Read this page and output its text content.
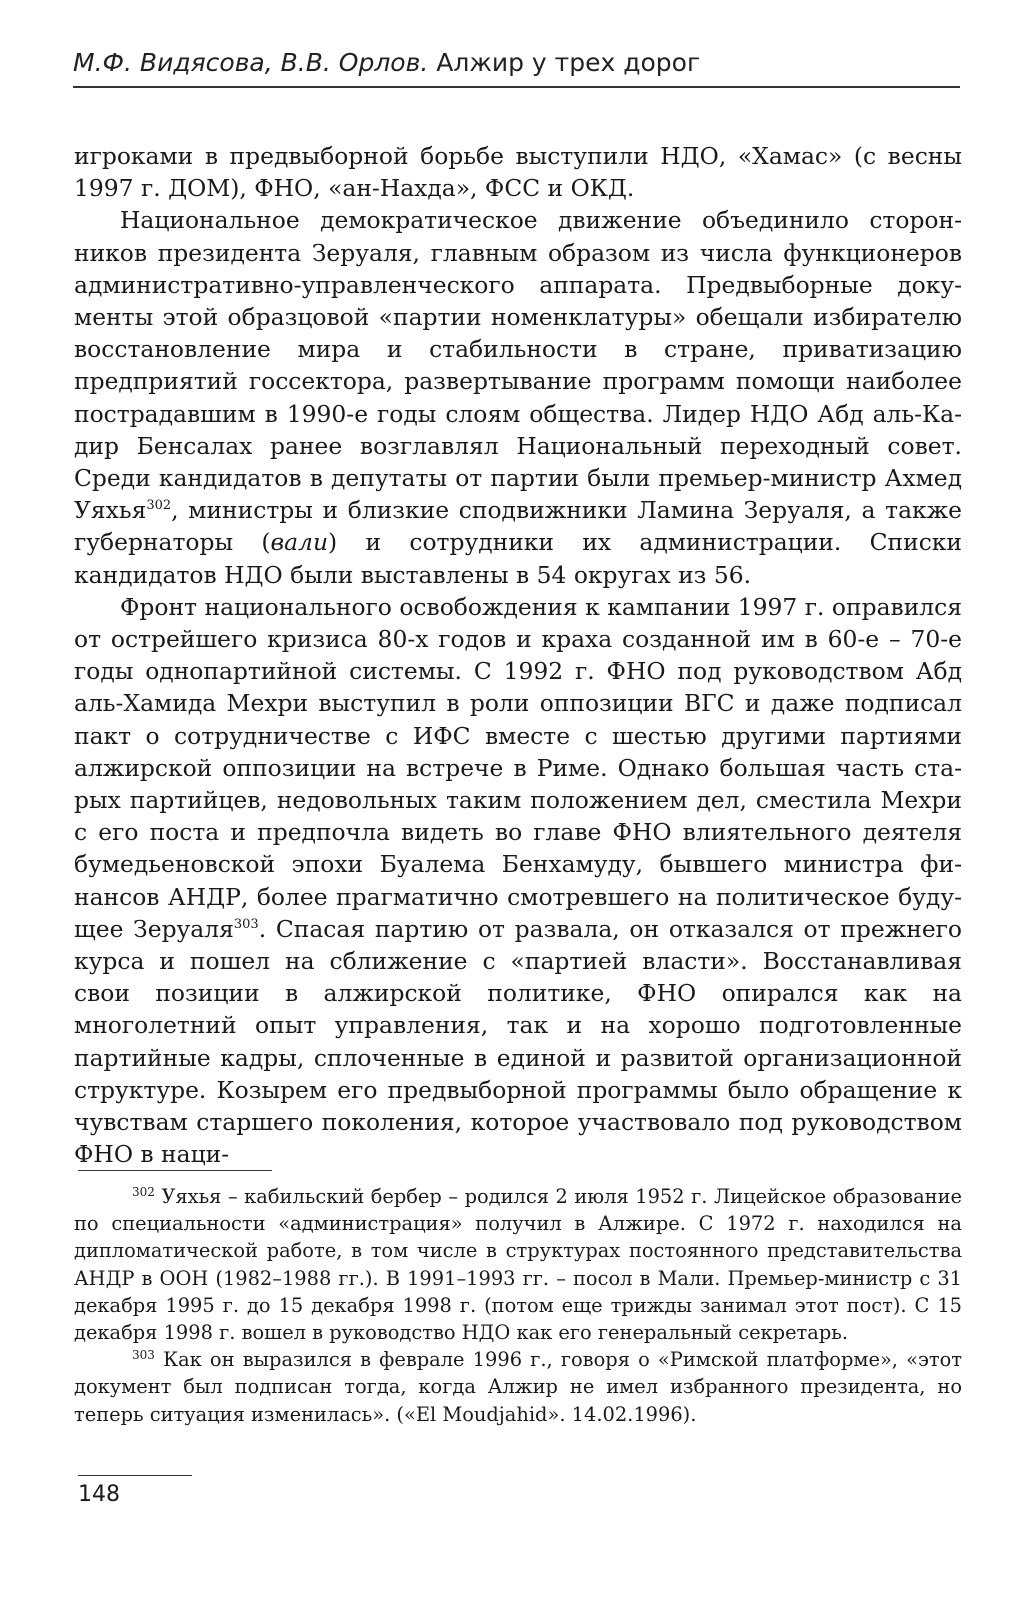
М.Ф. Видясова, В.В. Орлов. Алжир у трех дорог

игроками в предвыборной борьбе выступили НДО, «Хамас» (с весны 1997 г. ДОМ), ФНО, «ан-Нахда», ФСС и ОКД.

Национальное демократическое движение объединило сторонников президента Зеруаля, главным образом из числа функционеров административно-управленческого аппарата. Предвыборные документы этой образцовой «партии номенклатуры» обещали избирателю восстановление мира и стабильности в стране, приватизацию предприятий госсектора, развертывание программ помощи наиболее пострадавшим в 1990-е годы слоям общества. Лидер НДО Абд аль-Кадир Бенсалах ранее возглавлял Национальный переходный совет. Среди кандидатов в депутаты от партии были премьер-министр Ахмед Уяхья$^{302}$, министры и близкие сподвижники Ламина Зеруаля, а также губернаторы (вали) и сотрудники их администрации. Списки кандидатов НДО были выставлены в 54 округах из 56.

Фронт национального освобождения к кампании 1997 г. оправился от острейшего кризиса 80-х годов и краха созданной им в 60-е – 70-е годы однопартийной системы. С 1992 г. ФНО под руководством Абд аль-Хамида Мехри выступил в роли оппозиции ВГС и даже подписал пакт о сотрудничестве с ИФС вместе с шестью другими партиями алжирской оппозиции на встрече в Риме. Однако большая часть старых партийцев, недовольных таким положением дел, сместила Мехри с его поста и предпочла видеть во главе ФНО влиятельного деятеля бумедьеновской эпохи Буалема Бенхамуду, бывшего министра финансов АНДР, более прагматично смотревшего на политическое будущее Зеруаля$^{303}$. Спасая партию от развала, он отказался от прежнего курса и пошел на сближение с «партией власти». Восстанавливая свои позиции в алжирской политике, ФНО опирался как на многолетний опыт управления, так и на хорошо подготовленные партийные кадры, сплоченные в единой и развитой организационной структуре. Козырем его предвыборной программы было обращение к чувствам старшего поколения, которое участвовало под руководством ФНО в наци-

$^{302}$ Уяхья – кабильский бербер – родился 2 июля 1952 г. Лицейское образование по специальности «администрация» получил в Алжире. С 1972 г. находился на дипломатической работе, в том числе в структурах постоянного представительства АНДР в ООН (1982–1988 гг.). В 1991–1993 гг. – посол в Мали. Премьер-министр с 31 декабря 1995 г. до 15 декабря 1998 г. (потом еще трижды занимал этот пост). С 15 декабря 1998 г. вошел в руководство НДО как его генеральный секретарь.

$^{303}$ Как он выразился в феврале 1996 г., говоря о «Римской платформе», «этот документ был подписан тогда, когда Алжир не имел избранного президента, но теперь ситуация изменилась». («El Moudjahid». 14.02.1996).

148
